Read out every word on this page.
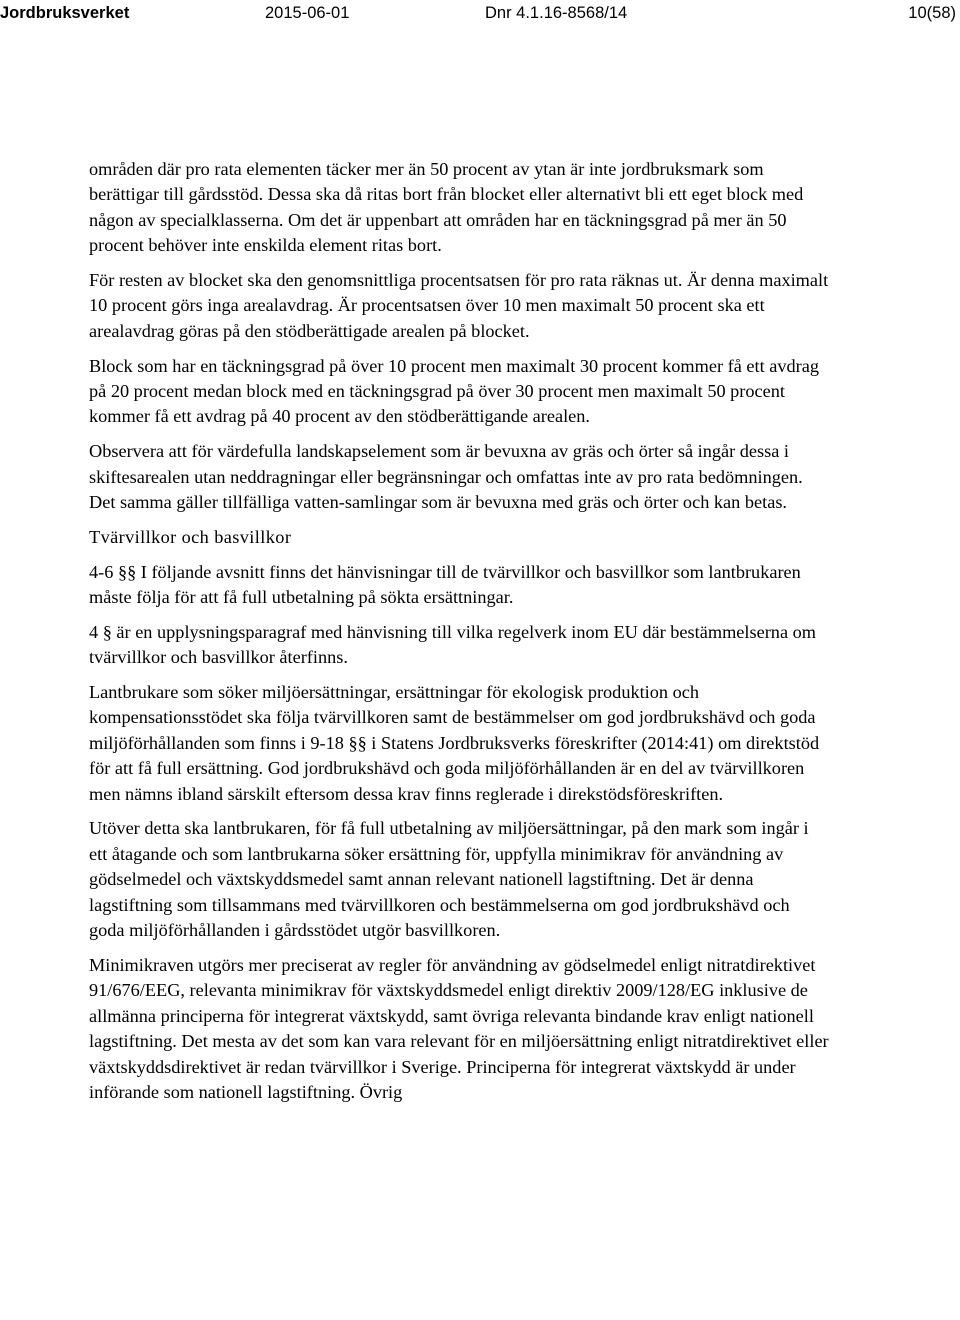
Jordbruksverket	2015-06-01	Dnr 4.1.16-8568/14	10(58)

områden där pro rata elementen täcker mer än 50 procent av ytan är inte jordbruksmark som berättigar till gårdsstöd. Dessa ska då ritas bort från blocket eller alternativt bli ett eget block med någon av specialklasserna. Om det är uppenbart att områden har en täckningsgrad på mer än 50 procent behöver inte enskilda element ritas bort.

För resten av blocket ska den genomsnittliga procentsatsen för pro rata räknas ut. Är denna maximalt 10 procent görs inga arealavdrag. Är procentsatsen över 10 men maximalt 50 procent ska ett arealavdrag göras på den stödberättigade arealen på blocket.

Block som har en täckningsgrad på över 10 procent men maximalt 30 procent kommer få ett avdrag på 20 procent medan block med en täckningsgrad på över 30 procent men maximalt 50 procent kommer få ett avdrag på 40 procent av den stödberättigande arealen.

Observera att för värdefulla landskapselement som är bevuxna av gräs och örter så ingår dessa i skiftesarealen utan neddragningar eller begränsningar och omfattas inte av pro rata bedömningen. Det samma gäller tillfälliga vatten-samlingar som är bevuxna med gräs och örter och kan betas.

Tvärvillkor och basvillkor

4-6 §§ I följande avsnitt finns det hänvisningar till de tvärvillkor och basvillkor som lantbrukaren måste följa för att få full utbetalning på sökta ersättningar.

4 § är en upplysningsparagraf med hänvisning till vilka regelverk inom EU där bestämmelserna om tvärvillkor och basvillkor återfinns.

Lantbrukare som söker miljöersättningar, ersättningar för ekologisk produktion och kompensationsstödet ska följa tvärvillkoren samt de bestämmelser om god jordbrukshävd och goda miljöförhållanden som finns i 9-18 §§ i Statens Jordbruksverks föreskrifter (2014:41) om direktstöd för att få full ersättning. God jordbrukshävd och goda miljöförhållanden är en del av tvärvillkoren men nämns ibland särskilt eftersom dessa krav finns reglerade i direkstödsföreskriften.

Utöver detta ska lantbrukaren, för få full utbetalning av miljöersättningar, på den mark som ingår i ett åtagande och som lantbrukarna söker ersättning för, uppfylla minimikrav för användning av gödselmedel och växtskyddsmedel samt annan relevant nationell lagstiftning. Det är denna lagstiftning som tillsammans med tvärvillkoren och bestämmelserna om god jordbrukshävd och goda miljöförhållanden i gårdsstödet utgör basvillkoren.

Minimikraven utgörs mer preciserat av regler för användning av gödselmedel enligt nitratdirektivet 91/676/EEG, relevanta minimikrav för växtskyddsmedel enligt direktiv 2009/128/EG inklusive de allmänna principerna för integrerat växtskydd, samt övriga relevanta bindande krav enligt nationell lagstiftning. Det mesta av det som kan vara relevant för en miljöersättning enligt nitratdirektivet eller växtskyddsdirektivet är redan tvärvillkor i Sverige. Principerna för integrerat växtskydd är under införande som nationell lagstiftning. Övrig
